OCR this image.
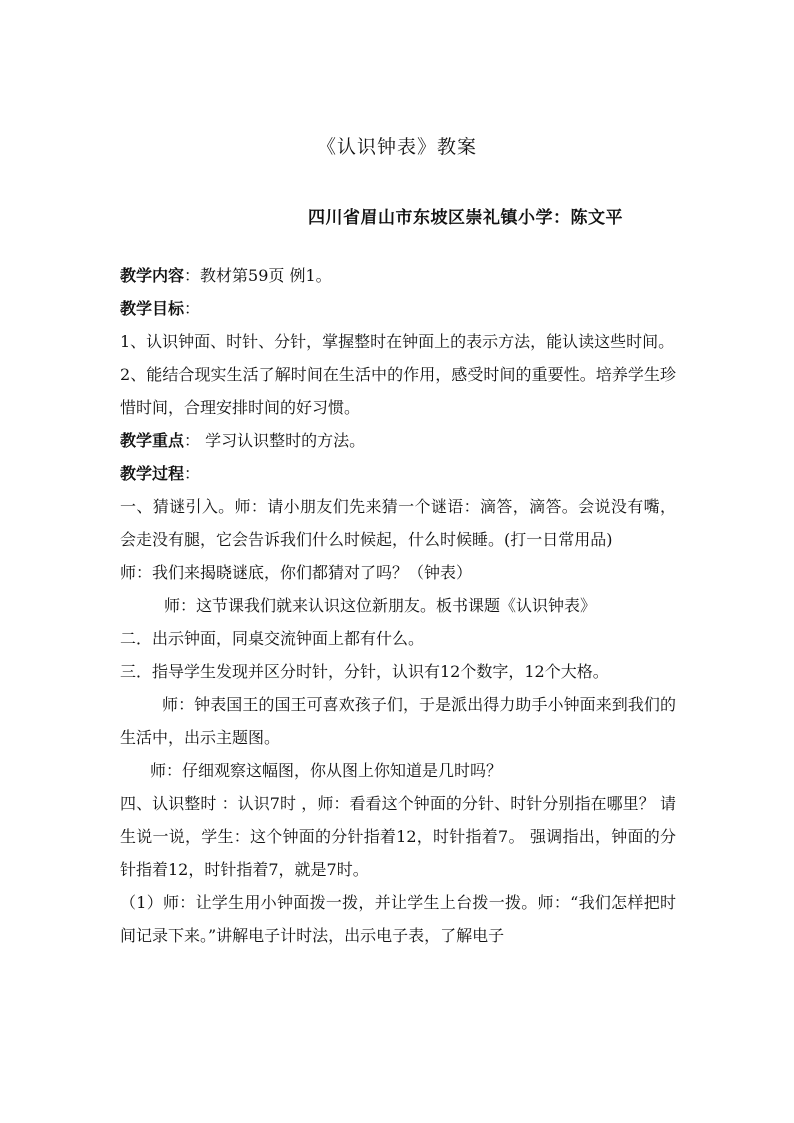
《认识钟表》教案
四川省眉山市东坡区崇礼镇小学：陈文平

教学内容：教材第59页 例1。

教学目标：

1、认识钟面、时针、分针，掌握整时在钟面上的表示方法，能认读这些时间。

2、能结合现实生活了解时间在生活中的作用，感受时间的重要性。培养学生珍惜时间，合理安排时间的好习惯。

教学重点： 学习认识整时的方法。

教学过程：

一、猜谜引入。师：请小朋友们先来猜一个谜语：滴答，滴答。会说没有嘴，会走没有腿，它会告诉我们什么时候起，什么时候睡。(打一日常用品)

师：我们来揭晓谜底，你们都猜对了吗？（钟表）

师：这节课我们就来认识这位新朋友。板书课题《认识钟表》

二．出示钟面，同桌交流钟面上都有什么。

三．指导学生发现并区分时针，分针，认识有12个数字，12个大格。

师：钟表国王的国王可喜欢孩子们，于是派出得力助手小钟面来到我们的生活中，出示主题图。

师：仔细观察这幅图，你从图上你知道是几时吗？

四、认识整时 ：认识7时 ，师：看看这个钟面的分针、时针分别指在哪里？ 请生说一说，学生：这个钟面的分针指着12，时针指着7。 强调指出，钟面的分针指着12，时针指着7，就是7时。

（1）师：让学生用小钟面拨一拨，并让学生上台拨一拨。师：“我们怎样把时间记录下来。”讲解电子计时法，出示电子表，了解电子
